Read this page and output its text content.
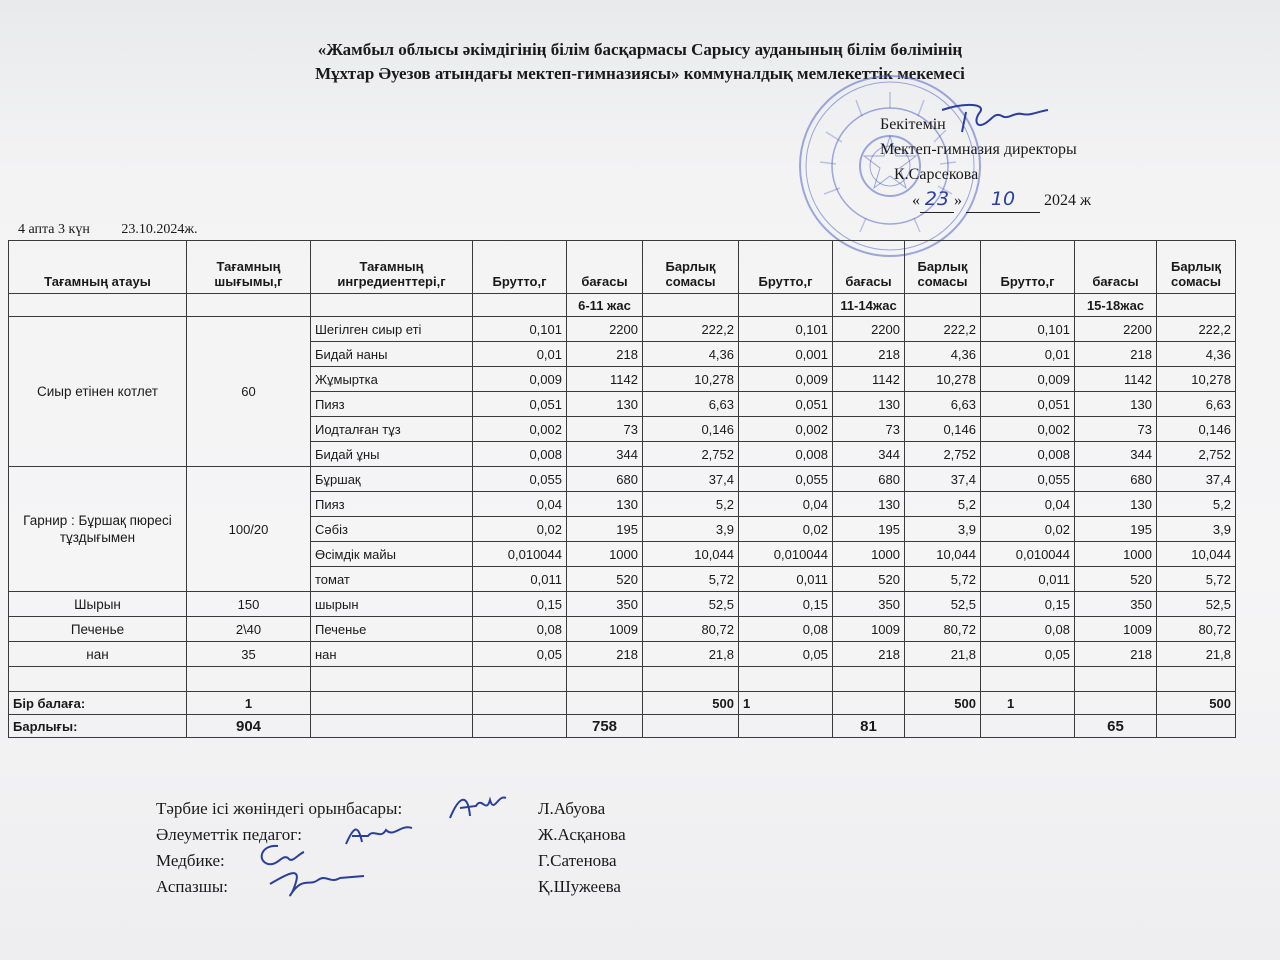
«Жамбыл облысы әкімдігінің білім басқармасы Сарысу ауданының білім бөлімінің
Мұхтар Әуезов атындағы мектеп-гимназиясы» коммуналдық мемлекеттік мекемесі
Бекітемін
Мектеп-гимназия директоры
К.Сарсекова
« 23 » 10 2024 ж
4 апта 3 күн 23.10.2024ж.
Тағамның атауы	Тағамның шығымы,г	Тағамның ингредиенттері,г	Брутто,г	бағасы	Барлық сомасы	Брутто,г	бағасы	Барлық сомасы	Брутто,г	бағасы	Барлық сомасы
				6-11 жас			11-14жас			15-18жас	
Сиыр етінен котлет	60	Шегілген сиыр еті	0,101	2200	222,2	0,101	2200	222,2	0,101	2200	222,2
		Бидай наны	0,01	218	4,36	0,001	218	4,36	0,01	218	4,36
		Жұмыртка	0,009	1142	10,278	0,009	1142	10,278	0,009	1142	10,278
		Пияз	0,051	130	6,63	0,051	130	6,63	0,051	130	6,63
		Иодталған тұз	0,002	73	0,146	0,002	73	0,146	0,002	73	0,146
		Бидай ұны	0,008	344	2,752	0,008	344	2,752	0,008	344	2,752
Гарнир : Бұршақ пюресі тұздығымен	100/20	Бұршақ	0,055	680	37,4	0,055	680	37,4	0,055	680	37,4
		Пияз	0,04	130	5,2	0,04	130	5,2	0,04	130	5,2
		Сәбіз	0,02	195	3,9	0,02	195	3,9	0,02	195	3,9
		Өсімдік майы	0,010044	1000	10,044	0,010044	1000	10,044	0,010044	1000	10,044
		томат	0,011	520	5,72	0,011	520	5,72	0,011	520	5,72
Шырын	150	шырын	0,15	350	52,5	0,15	350	52,5	0,15	350	52,5
Печенье	2\40	Печенье	0,08	1009	80,72	0,08	1009	80,72	0,08	1009	80,72
нан	35	нан	0,05	218	21,8	0,05	218	21,8	0,05	218	21,8

Бір балаға:	1				500	1		500	1		500
Барлығы:	904			758			81			65	
Тәрбие ісі жөніндегі орынбасары:	Л.Абуова
Әлеуметтік педагог:	Ж.Асқанова
Медбике:	Г.Сатенова
Аспазшы:	Қ.Шужеева
